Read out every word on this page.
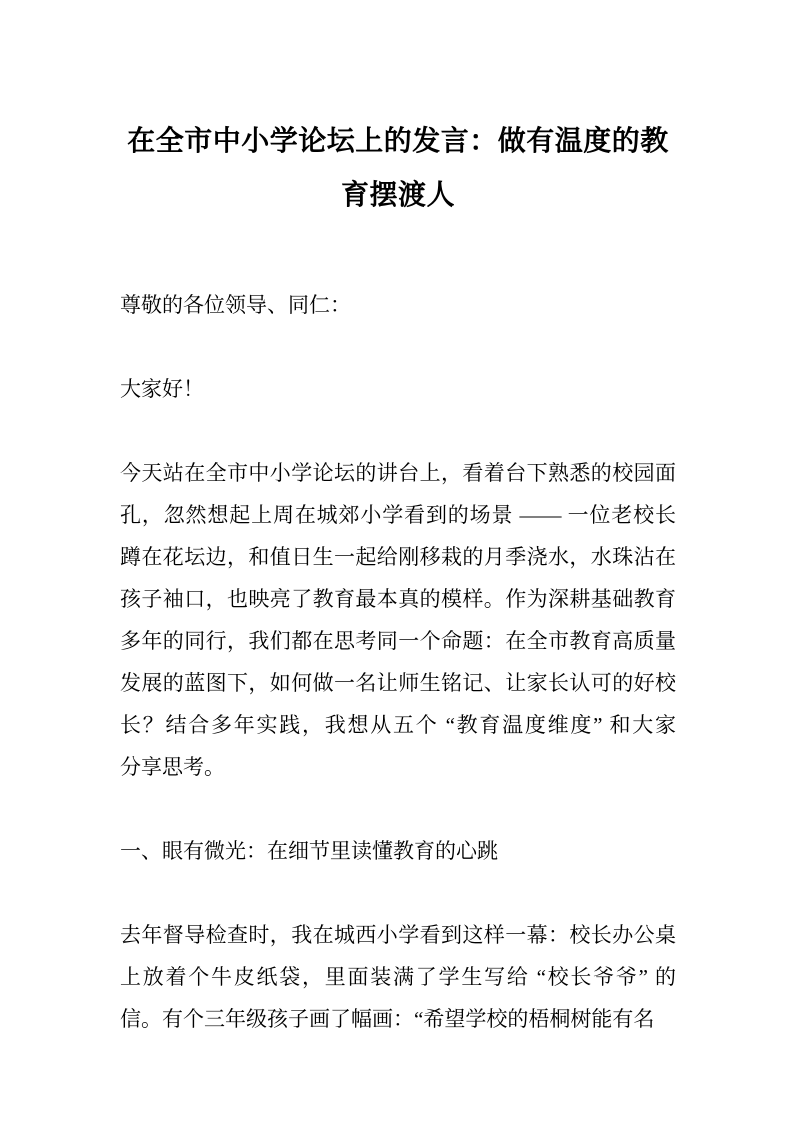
在全市中小学论坛上的发言：做有温度的教
育摆渡人
尊敬的各位领导、同仁：
大家好！
今天站在全市中小学论坛的讲台上，看着台下熟悉的校园面
孔，忽然想起上周在城郊小学看到的场景 —— 一位老校长
蹲在花坛边，和值日生一起给刚移栽的月季浇水，水珠沾在
孩子袖口，也映亮了教育最本真的模样。作为深耕基础教育
多年的同行，我们都在思考同一个命题：在全市教育高质量
发展的蓝图下，如何做一名让师生铭记、让家长认可的好校
长？结合多年实践，我想从五个 “教育温度维度” 和大家
分享思考。
一、眼有微光：在细节里读懂教育的心跳
去年督导检查时，我在城西小学看到这样一幕：校长办公桌
上放着个牛皮纸袋，里面装满了学生写给 “校长爷爷” 的
信。有个三年级孩子画了幅画：“希望学校的梧桐树能有名
